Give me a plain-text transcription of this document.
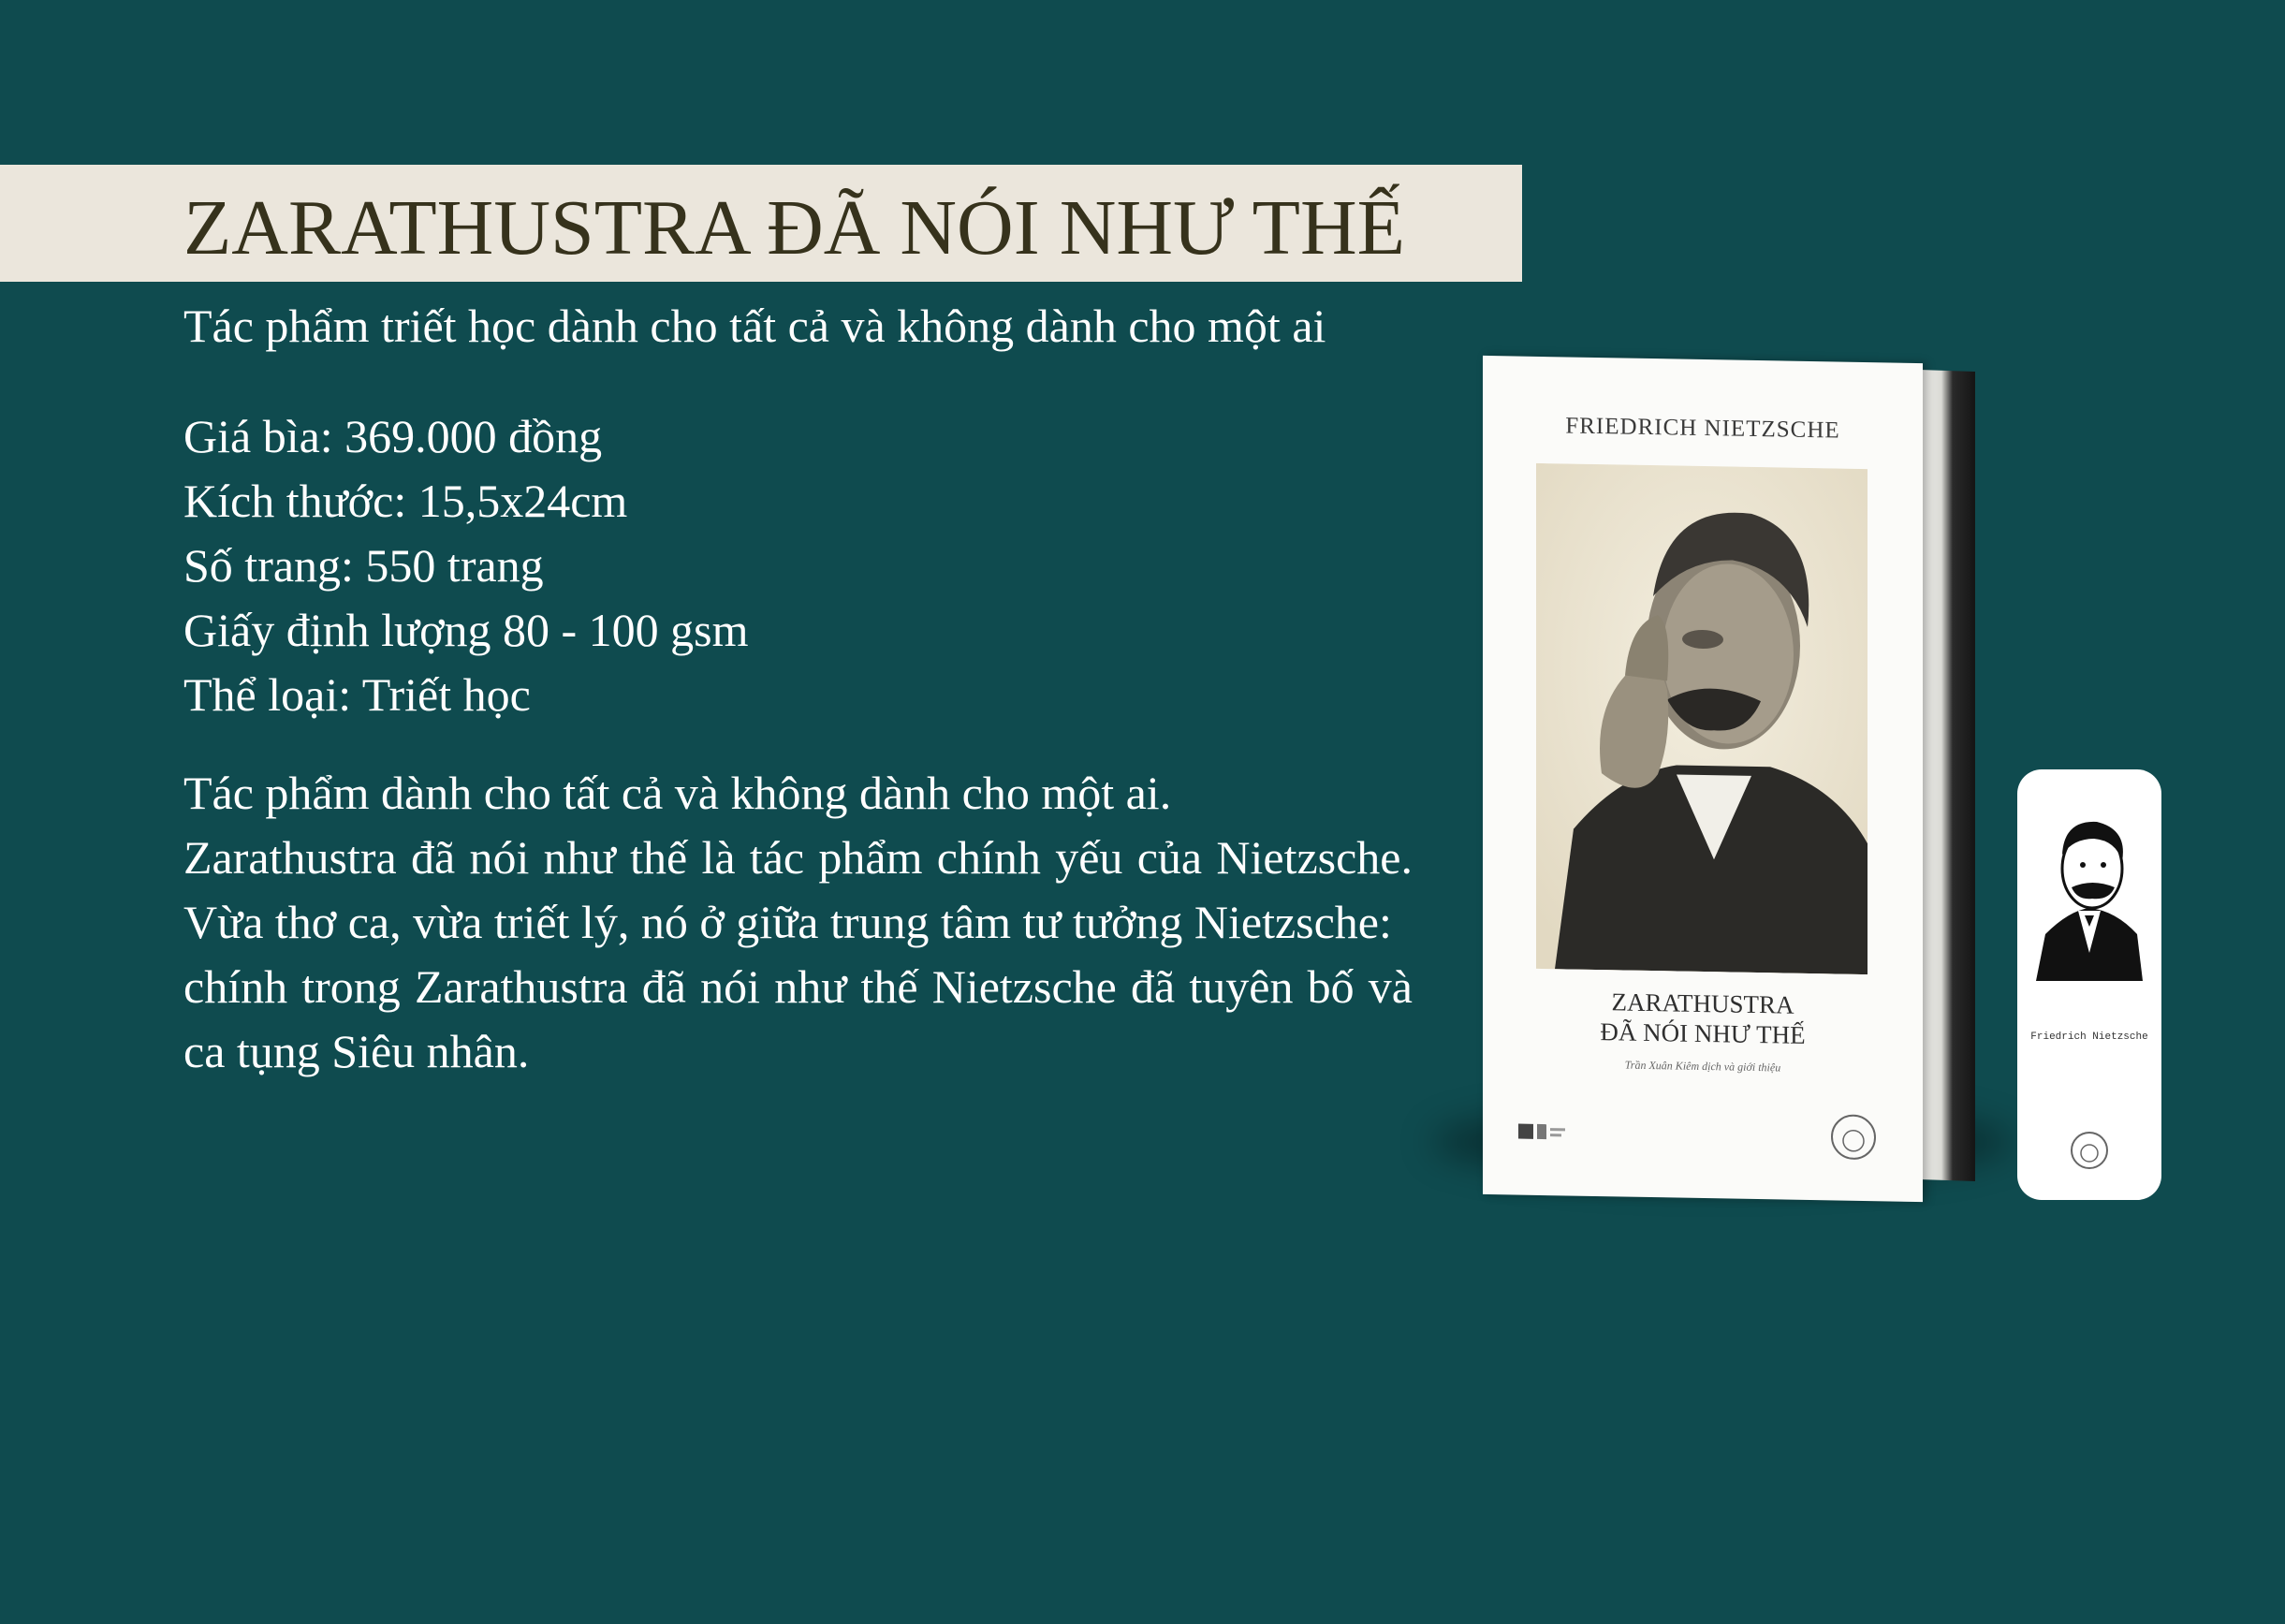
ZARATHUSTRA ĐÃ NÓI NHƯ THẾ
Tác phẩm triết học dành cho tất cả và không dành cho một ai
Giá bìa: 369.000 đồng
Kích thước: 15,5x24cm
Số trang: 550 trang
Giấy định lượng 80 - 100 gsm
Thể loại: Triết học

Tác phẩm dành cho tất cả và không dành cho một ai.

Zarathustra đã nói như thế là tác phẩm chính yếu của Nietzsche. Vừa thơ ca, vừa triết lý, nó ở giữa trung tâm tư tưởng Nietzsche:

chính trong Zarathustra đã nói như thế Nietzsche đã tuyên bố và ca tụng Siêu nhân.

FRIEDRICH NIETZSCHE
ZARATHUSTRA
ĐÃ NÓI NHƯ THẾ
Trần Xuân Kiêm dịch và giới thiệu
Friedrich Nietzsche
